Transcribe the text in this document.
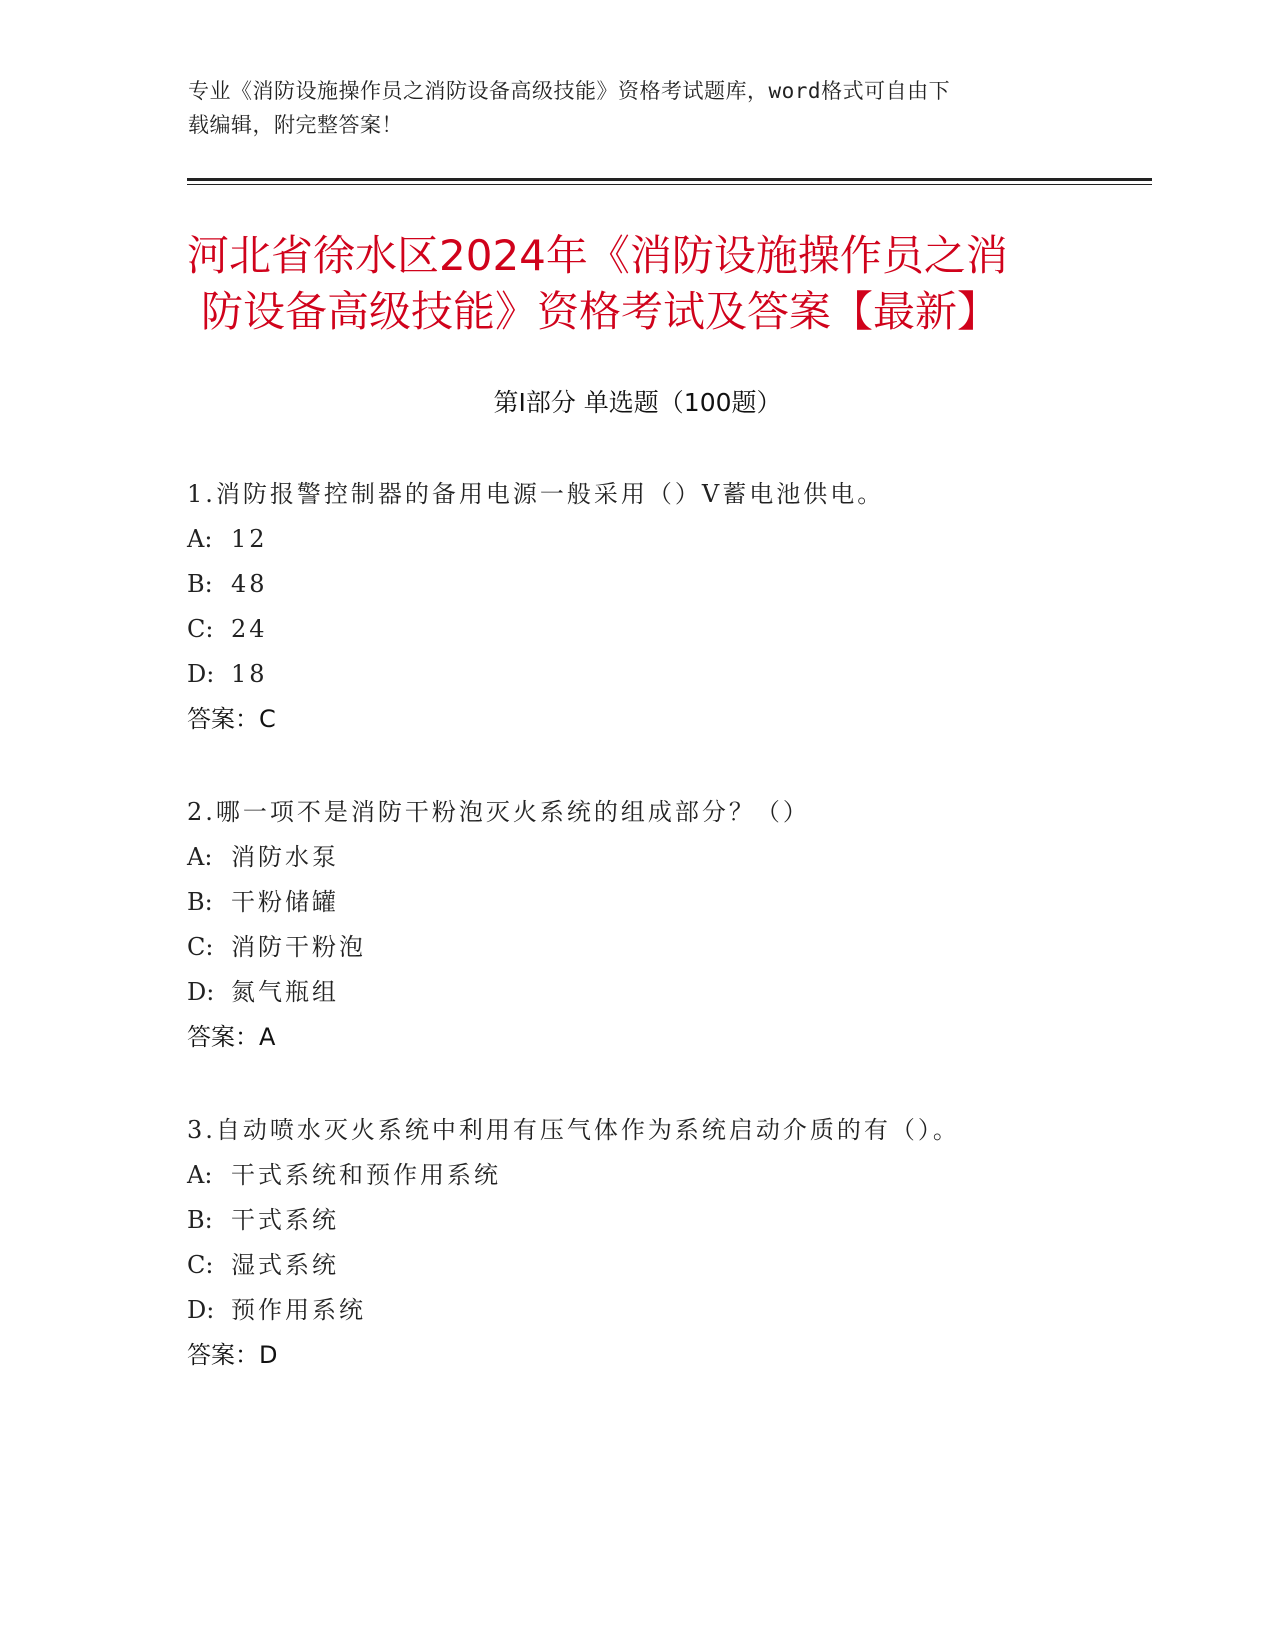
专业《消防设施操作员之消防设备高级技能》资格考试题库，word格式可自由下
载编辑，附完整答案！
河北省徐水区2024年《消防设施操作员之消
防设备高级技能》资格考试及答案【最新】
第Ⅰ部分 单选题（100题）
1.消防报警控制器的备用电源一般采用（）V蓄电池供电。
A: 12
B: 48
C: 24
D: 18
答案：C
2.哪一项不是消防干粉泡灭火系统的组成部分？（）
A: 消防水泵
B: 干粉储罐
C: 消防干粉泡
D: 氮气瓶组
答案：A
3.自动喷水灭火系统中利用有压气体作为系统启动介质的有（）。
A: 干式系统和预作用系统
B: 干式系统
C: 湿式系统
D: 预作用系统
答案：D
